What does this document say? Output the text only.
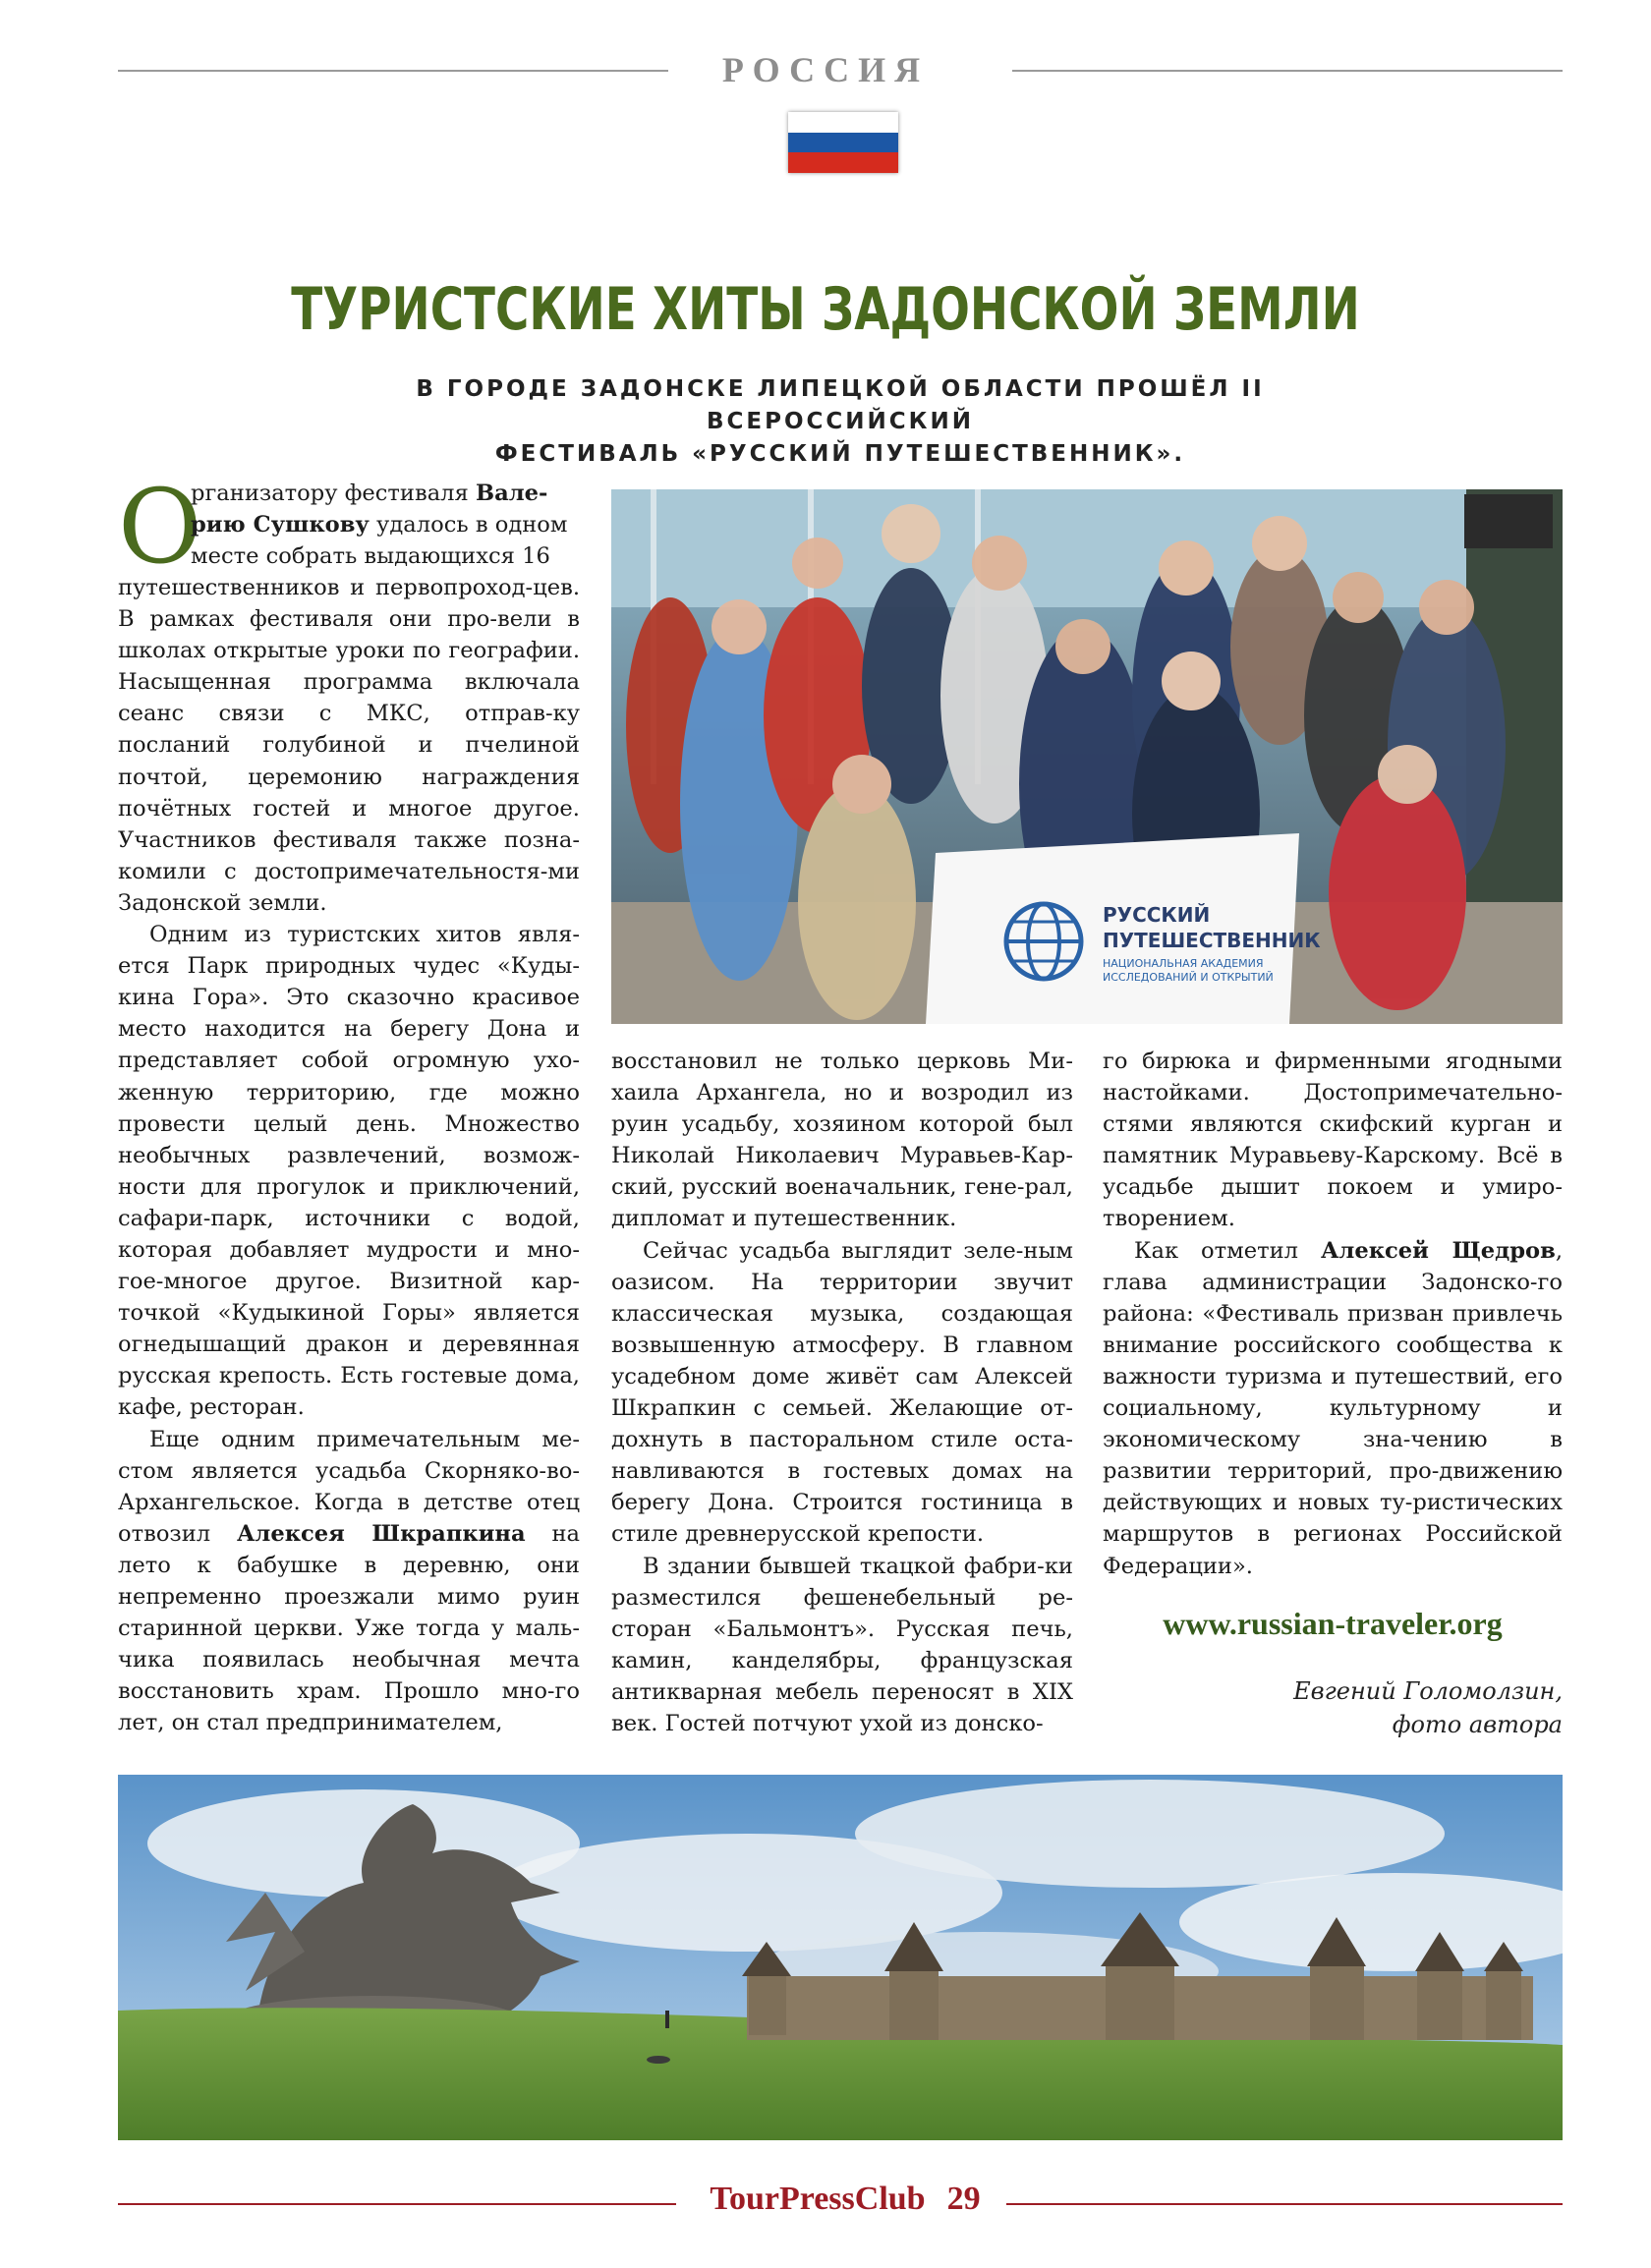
РОССИЯ
ТУРИСТСКИЕ ХИТЫ ЗАДОНСКОЙ ЗЕМЛИ
В ГОРОДЕ ЗАДОНСКЕ ЛИПЕЦКОЙ ОБЛАСТИ ПРОШЁЛ II ВСЕРОССИЙСКИЙ
ФЕСТИВАЛЬ «РУССКИЙ ПУТЕШЕСТВЕННИК».
О
рганизатору фестиваля Вале-
рию Сушкову удалось в одном
месте собрать выдающихся 16

путешественников и первопроход-цев. В рамках фестиваля они про-вели в школах открытые уроки по географии. Насыщенная программа включала сеанс связи с МКС, отправ-ку посланий голубиной и пчелиной почтой, церемонию награждения почётных гостей и многое другое. Участников фестиваля также позна-комили с достопримечательностя-ми Задонской земли.

Одним из туристских хитов явля-ется Парк природных чудес «Куды-кина Гора». Это сказочно красивое место находится на берегу Дона и представляет собой огромную ухо-женную территорию, где можно провести целый день. Множество необычных развлечений, возмож-ности для прогулок и приключений, сафари-парк, источники с водой, которая добавляет мудрости и мно-гое-многое другое. Визитной кар-точкой «Кудыкиной Горы» является огнедышащий дракон и деревянная русская крепость. Есть гостевые дома, кафе, ресторан.

Еще одним примечательным ме-стом является усадьба Скорняко-во-Архангельское. Когда в детстве отец отвозил Алексея Шкрапкина на лето к бабушке в деревню, они непременно проезжали мимо руин старинной церкви. Уже тогда у маль-чика появилась необычная мечта восстановить храм. Прошло мно-го лет, он стал предпринимателем,

РУССКИЙ
ПУТЕШЕСТВЕННИК
НАЦИОНАЛЬНАЯ АКАДЕМИЯ
ИССЛЕДОВАНИЙ И ОТКРЫТИЙ

восстановил не только церковь Ми-хаила Архангела, но и возродил из руин усадьбу, хозяином которой был Николай Николаевич Муравьев-Кар-ский, русский военачальник, гене-рал, дипломат и путешественник.

Сейчас усадьба выглядит зеле-ным оазисом. На территории звучит классическая музыка, создающая возвышенную атмосферу. В главном усадебном доме живёт сам Алексей Шкрапкин с семьей. Желающие от-дохнуть в пасторальном стиле оста-навливаются в гостевых домах на берегу Дона. Строится гостиница в стиле древнерусской крепости.

В здании бывшей ткацкой фабри-ки разместился фешенебельный ре-сторан «Бальмонтъ». Русская печь, камин, канделябры, французская антикварная мебель переносят в XIX век. Гостей потчуют ухой из донско-

го бирюка и фирменными ягодными настойками. Достопримечательно-стями являются скифский курган и памятник Муравьеву-Карскому. Всё в усадьбе дышит покоем и умиро-творением.

Как отметил Алексей Щедров, глава администрации Задонско-го района: «Фестиваль призван привлечь внимание российского сообщества к важности туризма и путешествий, его социальному, культурному и экономическому зна-чению в развитии территорий, про-движению действующих и новых ту-ристических маршрутов в регионах Российской Федерации».

www.russian-traveler.org
Евгений Голомолзин,
фото автора
TourPressClub 29
